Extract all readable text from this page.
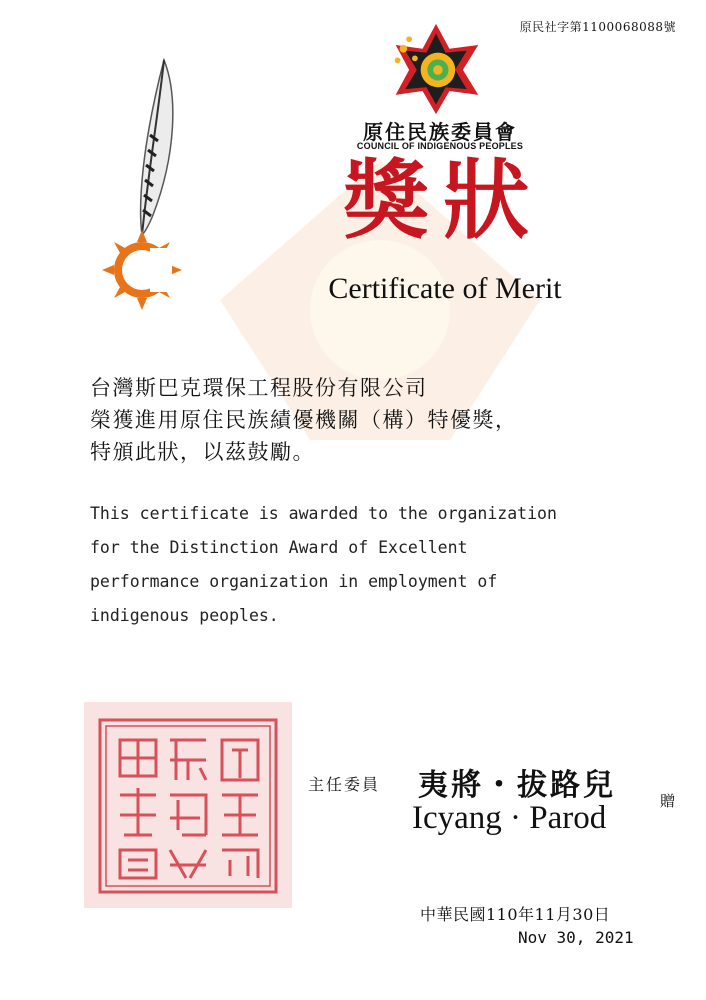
原民社字第1100068088號
原住民族委員會
COUNCIL OF INDIGENOUS PEOPLES
獎狀
Certificate of Merit
台灣斯巴克環保工程股份有限公司
榮獲進用原住民族績優機關（構）特優獎，
特頒此狀，以茲鼓勵。
This certificate is awarded to the organization
for the Distinction Award of Excellent
performance organization in employment of
indigenous peoples.
主任委員 夷將・拔路兒	贈
Icyang · Parod
中華民國110年11月30日
Nov 30, 2021
